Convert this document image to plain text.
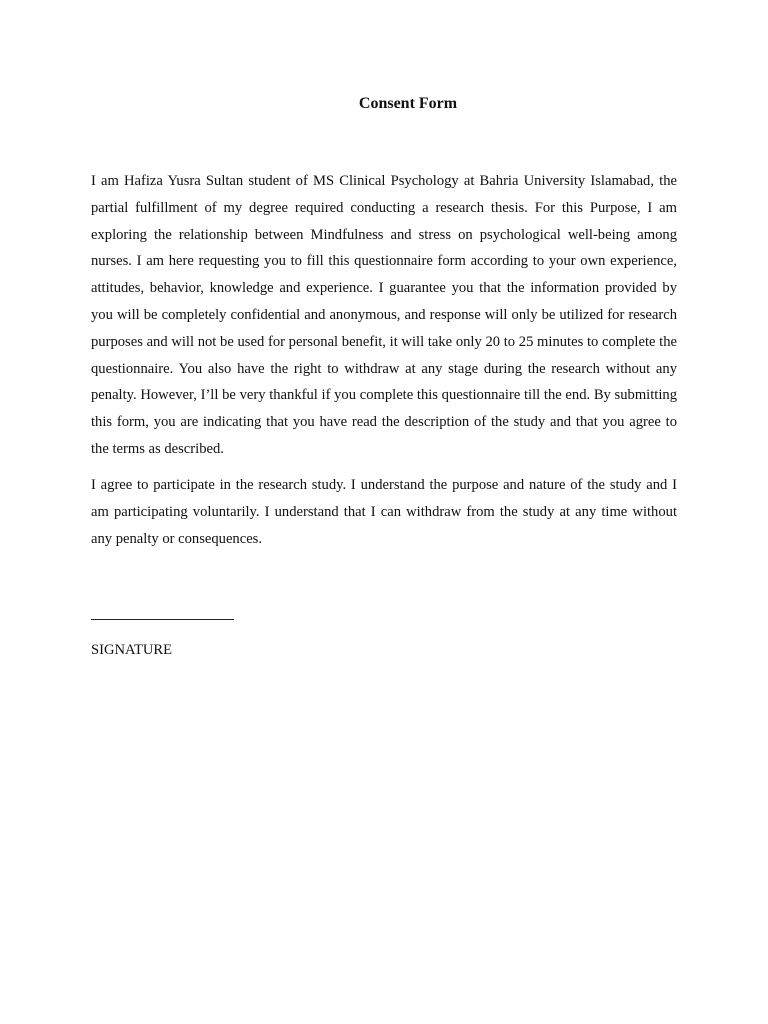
Consent Form

I am Hafiza Yusra Sultan student of MS Clinical Psychology at Bahria University Islamabad, the partial fulfillment of my degree required conducting a research thesis. For this Purpose, I am exploring the relationship between Mindfulness and stress on psychological well-being among nurses. I am here requesting you to fill this questionnaire form according to your own experience, attitudes, behavior, knowledge and experience. I guarantee you that the information provided by you will be completely confidential and anonymous, and response will only be utilized for research purposes and will not be used for personal benefit, it will take only 20 to 25 minutes to complete the questionnaire. You also have the right to withdraw at any stage during the research without any penalty. However, I’ll be very thankful if you complete this questionnaire till the end. By submitting this form, you are indicating that you have read the description of the study and that you agree to the terms as described.

I agree to participate in the research study. I understand the purpose and nature of the study and I am participating voluntarily. I understand that I can withdraw from the study at any time without any penalty or consequences.

SIGNATURE
